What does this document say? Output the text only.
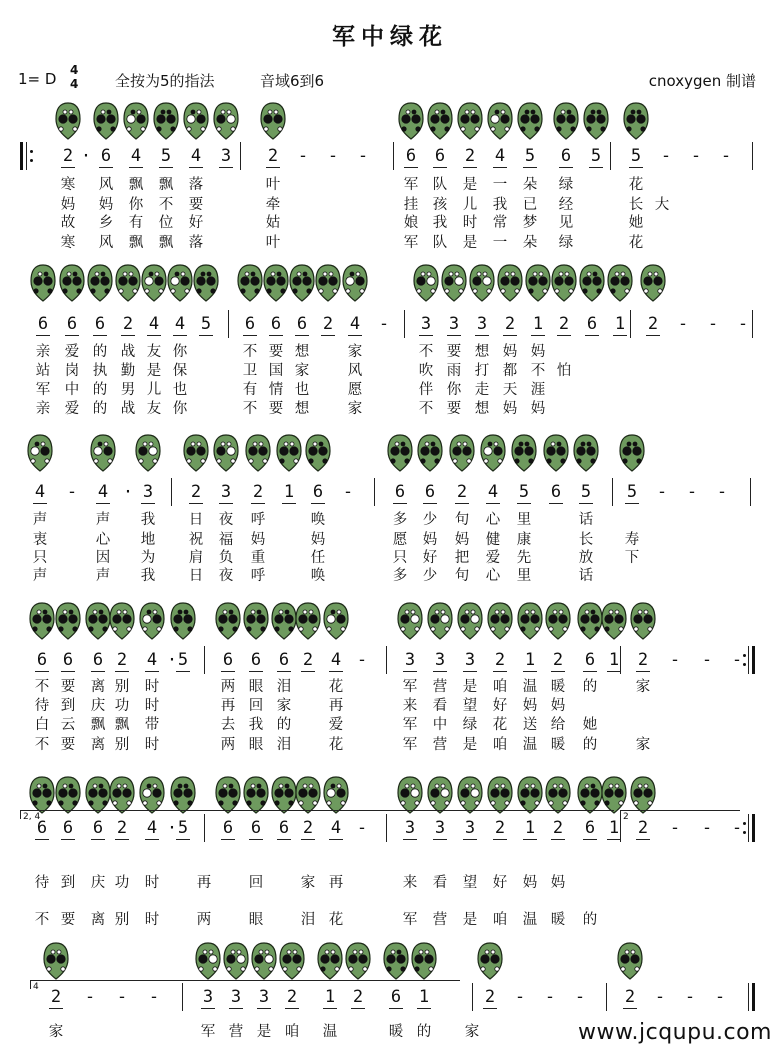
军中绿花
1= D 4
4 全按为5的指法	音域6到6	cnoxygen 制谱
2 · 6 4 5 4 3 2 - - - 6 6 2 4 5 6 5 5 - - -
寒 风 飘 飘 落	叶	军 队 是 一 朵 绿	花
妈 妈 你 不 要	牵	挂 孩 儿 我 已 经	长 大
故 乡 有 位 好	姑	娘 我 时 常 梦 见	她
寒 风 飘 飘 落	叶	军 队 是 一 朵 绿	花
6 6 6 2 4 4 5 6 6 6 2 4 - 3 3 3 2 1 2 6 1 2 - - -
亲 爱 的 战 友 你	不 要 想	家	不 要 想 妈 妈
站 岗 执 勤 是 保	卫 国 家	风	吹 雨 打 都 不 怕
军 中 的 男 儿 也	有 情 也	愿	伴 你 走 天 涯
亲 爱 的 战 友 你	不 要 想	家	不 要 想 妈 妈
4 - 4 · 3 2 3 2 1 6 - 6 6 2 4 5 6 5 5 - - -
声	声 我 日 夜 呼	唤	多 少 句 心 里	话
衷	心 地 祝 福 妈	妈	愿 妈 妈 健 康	长 寿
只	因 为 肩 负 重	任	只 好 把 爱 先	放 下
声	声 我 日 夜 呼	唤	多 少 句 心 里	话
6 6 6 2 4 · 5 6 6 6 2 4 - 3 3 3 2 1 2 6 1 2 - - -
不 要 离 别 时	两 眼 泪	花	军 营 是 咱 温 暖 的	家
待 到 庆 功 时	再 回 家	再	来 看 望 好 妈 妈
白 云 飘 飘 带	去 我 的	爱	军 中 绿 花 送 给 她
不 要 离 别 时	两 眼 泪	花	军 营 是 咱 温 暖 的	家
6 6 6 2 4 · 5 6 6 6 2 4 - 3 3 3 2 1 2 6 1 2 - - -
待 到 庆 功 时	再	回	家 再	来 看 望 好 妈 妈
不 要 离 别 时	两	眼	泪 花	军 营 是 咱 温 暖 的
2 - - -	3 3 3 2 1 2 6 1	2 - - - 2 - - -
家	军 营 是 咱 温	暖 的 家
2, 4	2
4
www.jcqupu.com
